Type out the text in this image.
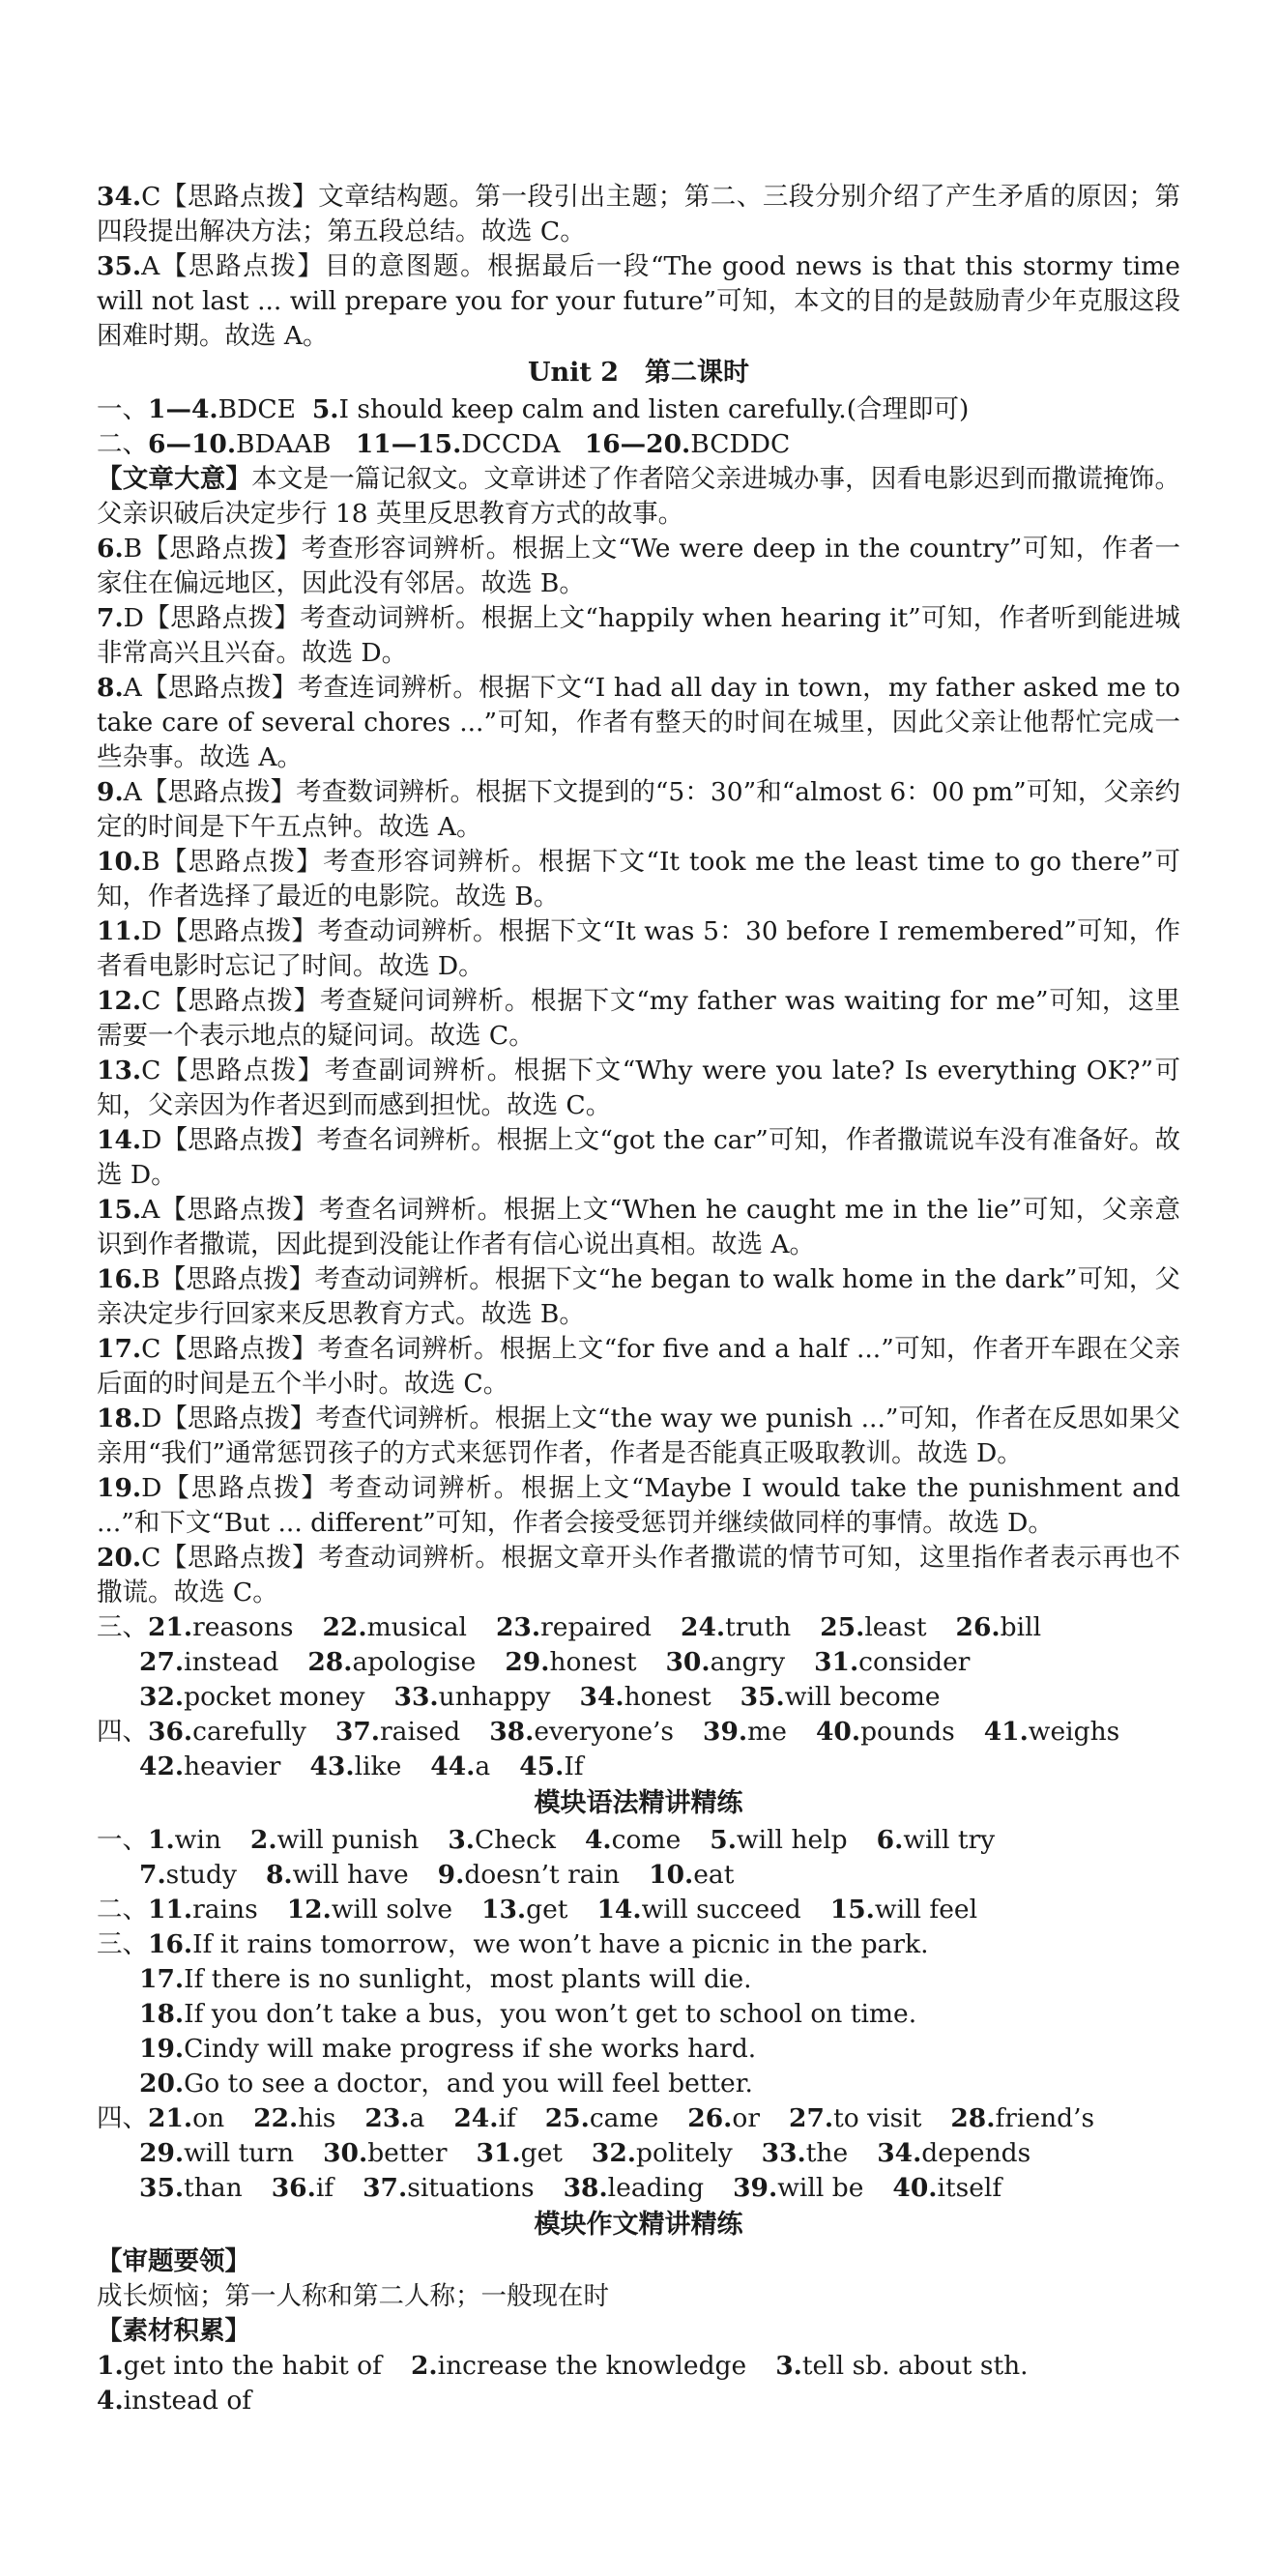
34.C【思路点拨】文章结构题。第一段引出主题；第二、三段分别介绍了产生矛盾的原因；第四段提出解决方法；第五段总结。故选 C。
35.A【思路点拨】目的意图题。根据最后一段“The good news is that this stormy time will not last ... will prepare you for your future”可知，本文的目的是鼓励青少年克服这段困难时期。故选 A。
Unit 2　第二课时
一、1—4.BDCE 5.I should keep calm and listen carefully.(合理即可)
二、6—10.BDAAB 11—15.DCCDA 16—20.BCDDC
【文章大意】本文是一篇记叙文。文章讲述了作者陪父亲进城办事，因看电影迟到而撒谎掩饰。父亲识破后决定步行 18 英里反思教育方式的故事。
6.B【思路点拨】考查形容词辨析。根据上文“We were deep in the country”可知，作者一家住在偏远地区，因此没有邻居。故选 B。
7.D【思路点拨】考查动词辨析。根据上文“happily when hearing it”可知，作者听到能进城非常高兴且兴奋。故选 D。
8.A【思路点拨】考查连词辨析。根据下文“I had all day in town，my father asked me to take care of several chores ...”可知，作者有整天的时间在城里，因此父亲让他帮忙完成一些杂事。故选 A。
9.A【思路点拨】考查数词辨析。根据下文提到的“5：30”和“almost 6：00 pm”可知，父亲约定的时间是下午五点钟。故选 A。
10.B【思路点拨】考查形容词辨析。根据下文“It took me the least time to go there”可知，作者选择了最近的电影院。故选 B。
11.D【思路点拨】考查动词辨析。根据下文“It was 5：30 before I remembered”可知，作者看电影时忘记了时间。故选 D。
12.C【思路点拨】考查疑问词辨析。根据下文“my father was waiting for me”可知，这里需要一个表示地点的疑问词。故选 C。
13.C【思路点拨】考查副词辨析。根据下文“Why were you late? Is everything OK?”可知，父亲因为作者迟到而感到担忧。故选 C。
14.D【思路点拨】考查名词辨析。根据上文“got the car”可知，作者撒谎说车没有准备好。故选 D。
15.A【思路点拨】考查名词辨析。根据上文“When he caught me in the lie”可知，父亲意识到作者撒谎，因此提到没能让作者有信心说出真相。故选 A。
16.B【思路点拨】考查动词辨析。根据下文“he began to walk home in the dark”可知，父亲决定步行回家来反思教育方式。故选 B。
17.C【思路点拨】考查名词辨析。根据上文“for five and a half ...”可知，作者开车跟在父亲后面的时间是五个半小时。故选 C。
18.D【思路点拨】考查代词辨析。根据上文“the way we punish ...”可知，作者在反思如果父亲用“我们”通常惩罚孩子的方式来惩罚作者，作者是否能真正吸取教训。故选 D。
19.D【思路点拨】考查动词辨析。根据上文“Maybe I would take the punishment and ...”和下文“But ... different”可知，作者会接受惩罚并继续做同样的事情。故选 D。
20.C【思路点拨】考查动词辨析。根据文章开头作者撒谎的情节可知，这里指作者表示再也不撒谎。故选 C。
三、21.reasons 22.musical 23.repaired 24.truth 25.least 26.bill
27.instead 28.apologise 29.honest 30.angry 31.consider
32.pocket money 33.unhappy 34.honest 35.will become
四、36.carefully 37.raised 38.everyone’s 39.me 40.pounds 41.weighs
42.heavier 43.like 44.a 45.If
模块语法精讲精练
一、1.win 2.will punish 3.Check 4.come 5.will help 6.will try
7.study 8.will have 9.doesn’t rain 10.eat
二、11.rains 12.will solve 13.get 14.will succeed 15.will feel
三、16.If it rains tomorrow，we won’t have a picnic in the park.
17.If there is no sunlight，most plants will die.
18.If you don’t take a bus，you won’t get to school on time.
19.Cindy will make progress if she works hard.
20.Go to see a doctor，and you will feel better.
四、21.on 22.his 23.a 24.if 25.came 26.or 27.to visit 28.friend’s
29.will turn 30.better 31.get 32.politely 33.the 34.depends
35.than 36.if 37.situations 38.leading 39.will be 40.itself
模块作文精讲精练
【审题要领】
成长烦恼；第一人称和第二人称；一般现在时
【素材积累】
1.get into the habit of 2.increase the knowledge 3.tell sb. about sth.
4.instead of
